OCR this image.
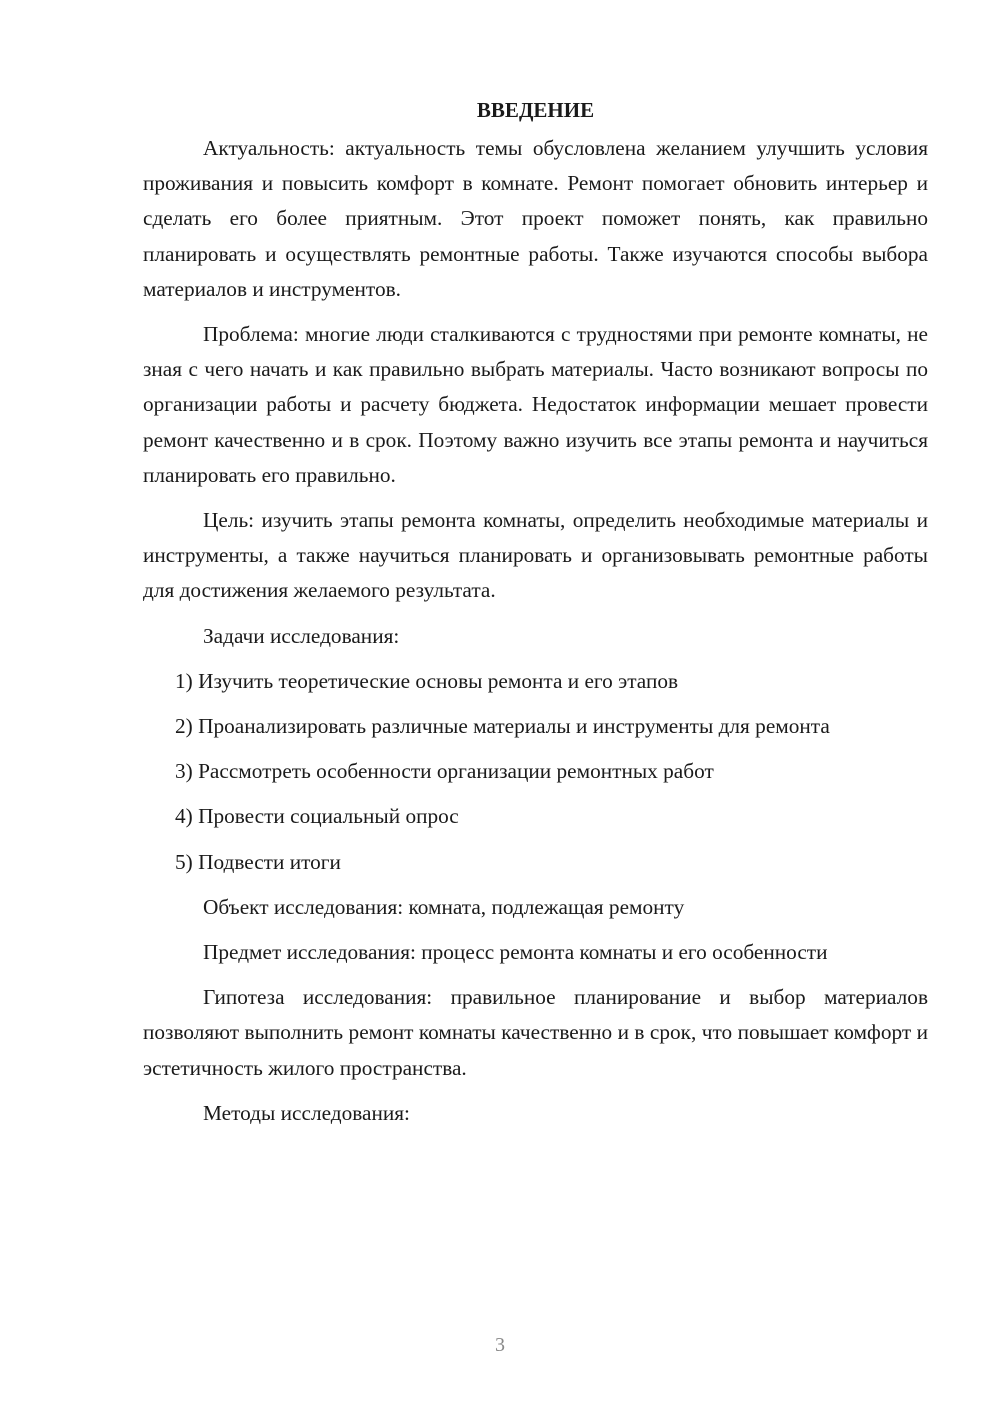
ВВЕДЕНИЕ

Актуальность: актуальность темы обусловлена желанием улучшить условия проживания и повысить комфорт в комнате. Ремонт помогает обновить интерьер и сделать его более приятным. Этот проект поможет понять, как правильно планировать и осуществлять ремонтные работы. Также изучаются способы выбора материалов и инструментов.

Проблема: многие люди сталкиваются с трудностями при ремонте комнаты, не зная с чего начать и как правильно выбрать материалы. Часто возникают вопросы по организации работы и расчету бюджета. Недостаток информации мешает провести ремонт качественно и в срок. Поэтому важно изучить все этапы ремонта и научиться планировать его правильно.

Цель: изучить этапы ремонта комнаты, определить необходимые материалы и инструменты, а также научиться планировать и организовывать ремонтные работы для достижения желаемого результата.

Задачи исследования:

1) Изучить теоретические основы ремонта и его этапов

2) Проанализировать различные материалы и инструменты для ремонта

3) Рассмотреть особенности организации ремонтных работ

4) Провести социальный опрос

5) Подвести итоги

Объект исследования: комната, подлежащая ремонту

Предмет исследования: процесс ремонта комнаты и его особенности

Гипотеза исследования: правильное планирование и выбор материалов позволяют выполнить ремонт комнаты качественно и в срок, что повышает комфорт и эстетичность жилого пространства.

Методы исследования:

3
